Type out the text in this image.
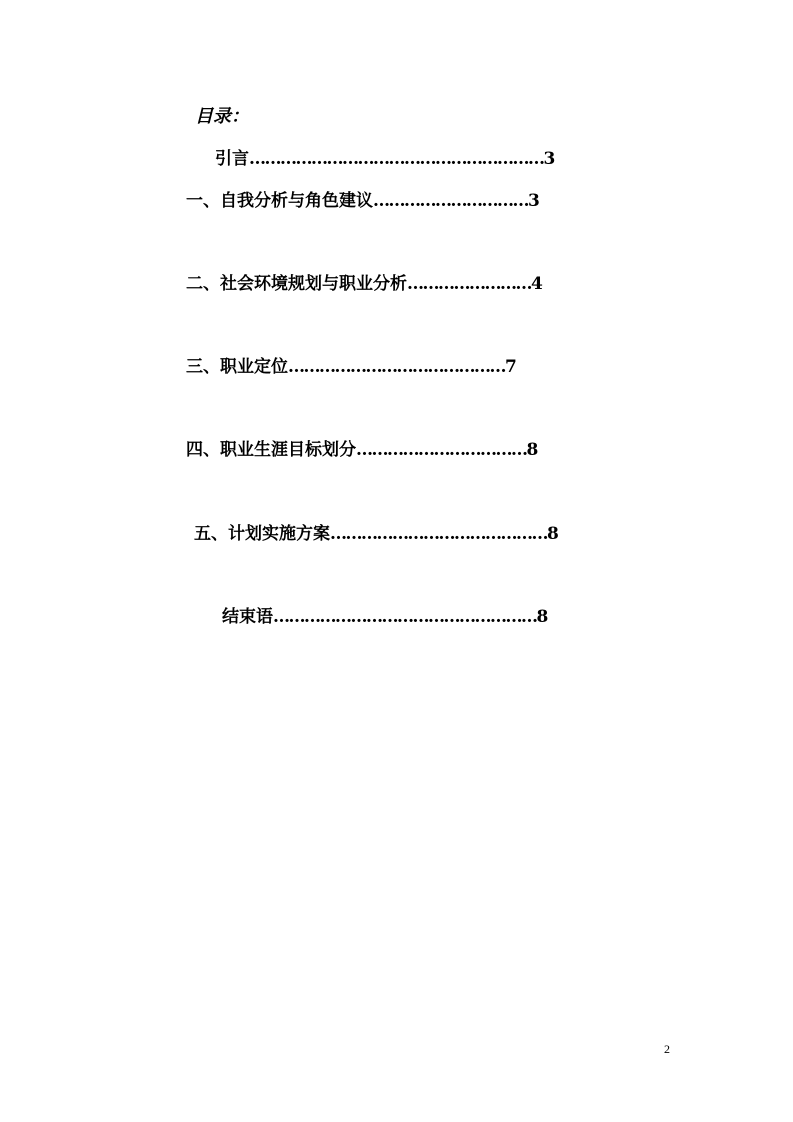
目录：
引言…………………………………………………3
一、自我分析与角色建议…………………………3
二、社会环境规划与职业分析……………………4
三、职业定位……………………………………7
四、职业生涯目标划分……………………………8
五、计划实施方案……………………………………8
结束语……………………………………………8
2
